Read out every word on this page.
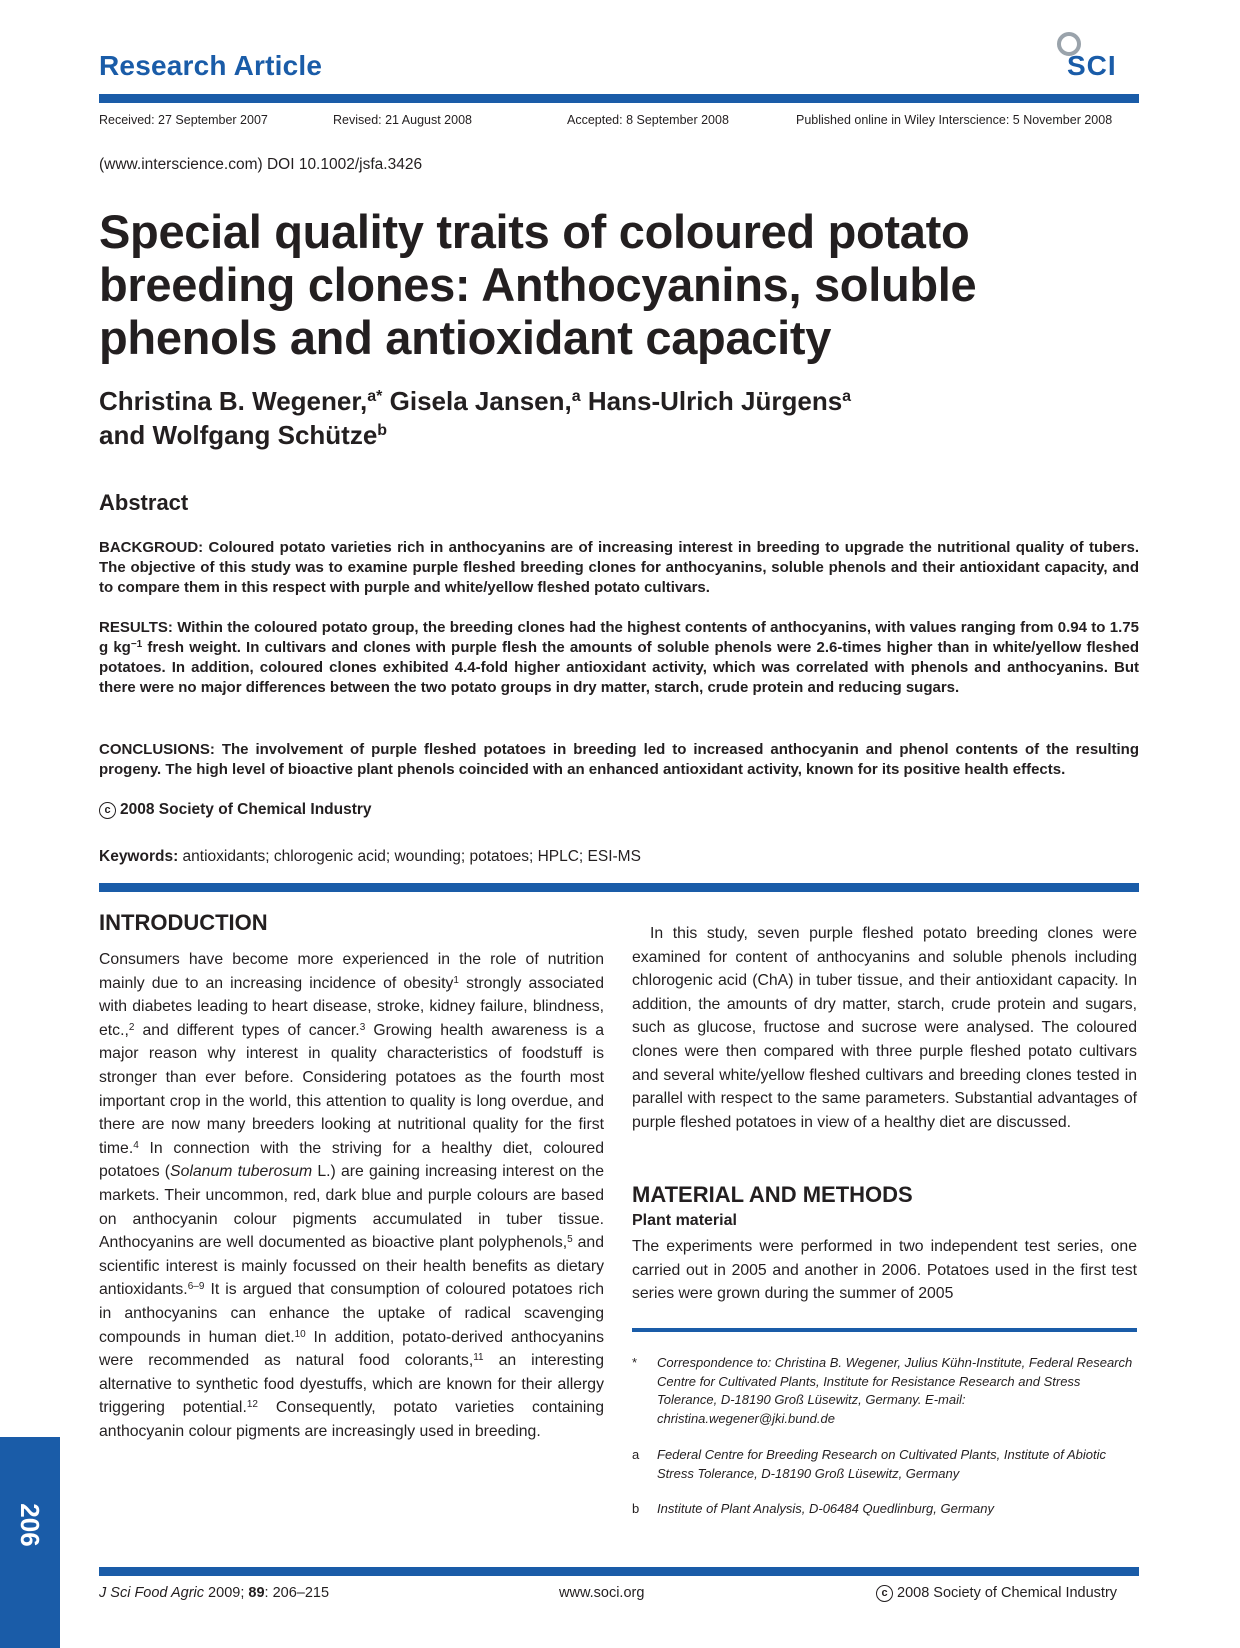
Research Article	SCI
Received: 27 September 2007	Revised: 21 August 2008	Accepted: 8 September 2008	Published online in Wiley Interscience: 5 November 2008
(www.interscience.com) DOI 10.1002/jsfa.3426
Special quality traits of coloured potato breeding clones: Anthocyanins, soluble phenols and antioxidant capacity
Christina B. Wegener,$^{a*}$ Gisela Jansen,$^a$ Hans-Ulrich Jürgens$^a$
and Wolfgang Schütze$^b$
Abstract
BACKGROUD: Coloured potato varieties rich in anthocyanins are of increasing interest in breeding to upgrade the nutritional quality of tubers. The objective of this study was to examine purple fleshed breeding clones for anthocyanins, soluble phenols and their antioxidant capacity, and to compare them in this respect with purple and white/yellow fleshed potato cultivars.
RESULTS: Within the coloured potato group, the breeding clones had the highest contents of anthocyanins, with values ranging from 0.94 to 1.75 g $kg^{-1}$ fresh weight. In cultivars and clones with purple flesh the amounts of soluble phenols were 2.6-times higher than in white/yellow fleshed potatoes. In addition, coloured clones exhibited 4.4-fold higher antioxidant activity, which was correlated with phenols and anthocyanins. But there were no major differences between the two potato groups in dry matter, starch, crude protein and reducing sugars.
CONCLUSIONS: The involvement of purple fleshed potatoes in breeding led to increased anthocyanin and phenol contents of the resulting progeny. The high level of bioactive plant phenols coincided with an enhanced antioxidant activity, known for its positive health effects.
c 2008 Society of Chemical Industry
Keywords: antioxidants; chlorogenic acid; wounding; potatoes; HPLC; ESI-MS
INTRODUCTION
Consumers have become more experienced in the role of nutrition mainly due to an increasing incidence of obesity$^1$ strongly associated with diabetes leading to heart disease, stroke, kidney failure, blindness, etc.,$^2$ and different types of cancer.$^3$ Growing health awareness is a major reason why interest in quality characteristics of foodstuff is stronger than ever before. Considering potatoes as the fourth most important crop in the world, this attention to quality is long overdue, and there are now many breeders looking at nutritional quality for the first time.$^4$ In connection with the striving for a healthy diet, coloured potatoes (Solanum tuberosum L.) are gaining increasing interest on the markets. Their uncommon, red, dark blue and purple colours are based on anthocyanin colour pigments accumulated in tuber tissue. Anthocyanins are well documented as bioactive plant polyphenols,$^5$ and scientific interest is mainly focussed on their health benefits as dietary antioxidants.$^{6-9}$ It is argued that consumption of coloured potatoes rich in anthocyanins can enhance the uptake of radical scavenging compounds in human diet.$^{10}$ In addition, potato-derived anthocyanins were recommended as natural food colorants,$^{11}$ an interesting alternative to synthetic food dyestuffs, which are known for their allergy triggering potential.$^{12}$ Consequently, potato varieties containing anthocyanin colour pigments are increasingly used in breeding.
In this study, seven purple fleshed potato breeding clones were examined for content of anthocyanins and soluble phenols including chlorogenic acid (ChA) in tuber tissue, and their antioxidant capacity. In addition, the amounts of dry matter, starch, crude protein and sugars, such as glucose, fructose and sucrose were analysed. The coloured clones were then compared with three purple fleshed potato cultivars and several white/yellow fleshed cultivars and breeding clones tested in parallel with respect to the same parameters. Substantial advantages of purple fleshed potatoes in view of a healthy diet are discussed.
MATERIAL AND METHODS
Plant material
The experiments were performed in two independent test series, one carried out in 2005 and another in 2006. Potatoes used in the first test series were grown during the summer of 2005
*	Correspondence to: Christina B. Wegener, Julius Kühn-Institute, Federal Research Centre for Cultivated Plants, Institute for Resistance Research and Stress Tolerance, D-18190 Groß Lüsewitz, Germany. E-mail: christina.wegener@jki.bund.de
a	Federal Centre for Breeding Research on Cultivated Plants, Institute of Abiotic Stress Tolerance, D-18190 Groß Lüsewitz, Germany
b	Institute of Plant Analysis, D-06484 Quedlinburg, Germany
206
J Sci Food Agric 2009; 89: 206–215	www.soci.org	c 2008 Society of Chemical Industry
